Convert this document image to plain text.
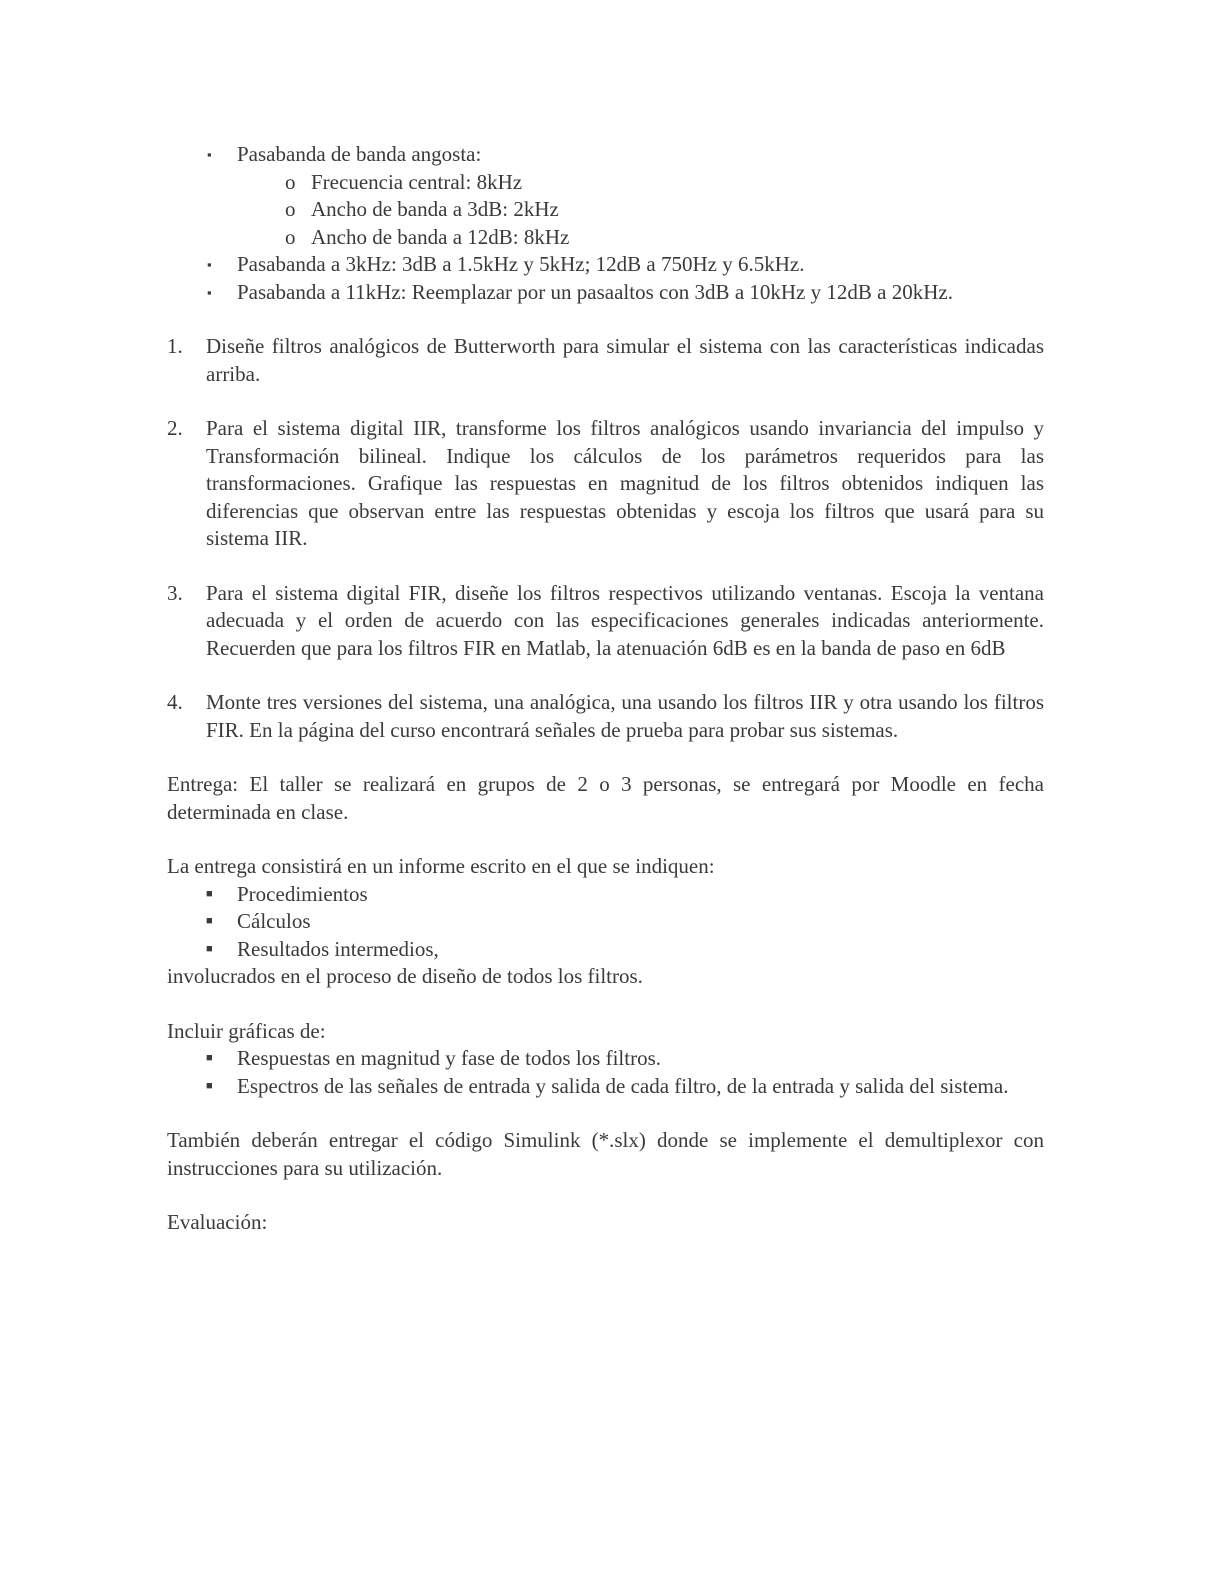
▪ Pasabanda de banda angosta:
o Frecuencia central: 8kHz
o Ancho de banda a 3dB: 2kHz
o Ancho de banda a 12dB: 8kHz
▪ Pasabanda a 3kHz: 3dB a 1.5kHz y 5kHz; 12dB a 750Hz y 6.5kHz.
▪ Pasabanda a 11kHz: Reemplazar por un pasaaltos con 3dB a 10kHz y 12dB a 20kHz.
1. Diseñe filtros analógicos de Butterworth para simular el sistema con las características indicadas arriba.
2. Para el sistema digital IIR, transforme los filtros analógicos usando invariancia del impulso y Transformación bilineal. Indique los cálculos de los parámetros requeridos para las transformaciones. Grafique las respuestas en magnitud de los filtros obtenidos indiquen las diferencias que observan entre las respuestas obtenidas y escoja los filtros que usará para su sistema IIR.
3. Para el sistema digital FIR, diseñe los filtros respectivos utilizando ventanas. Escoja la ventana adecuada y el orden de acuerdo con las especificaciones generales indicadas anteriormente. Recuerden que para los filtros FIR en Matlab, la atenuación 6dB es en la banda de paso en 6dB
4. Monte tres versiones del sistema, una analógica, una usando los filtros IIR y otra usando los filtros FIR. En la página del curso encontrará señales de prueba para probar sus sistemas.

Entrega: El taller se realizará en grupos de 2 o 3 personas, se entregará por Moodle en fecha determinada en clase.

La entrega consistirá en un informe escrito en el que se indiquen:

■ Procedimientos
■ Cálculos
■ Resultados intermedios,

involucrados en el proceso de diseño de todos los filtros.

Incluir gráficas de:

■ Respuestas en magnitud y fase de todos los filtros.
■ Espectros de las señales de entrada y salida de cada filtro, de la entrada y salida del sistema.

También deberán entregar el código Simulink (*.slx) donde se implemente el demultiplexor con instrucciones para su utilización.

Evaluación:
